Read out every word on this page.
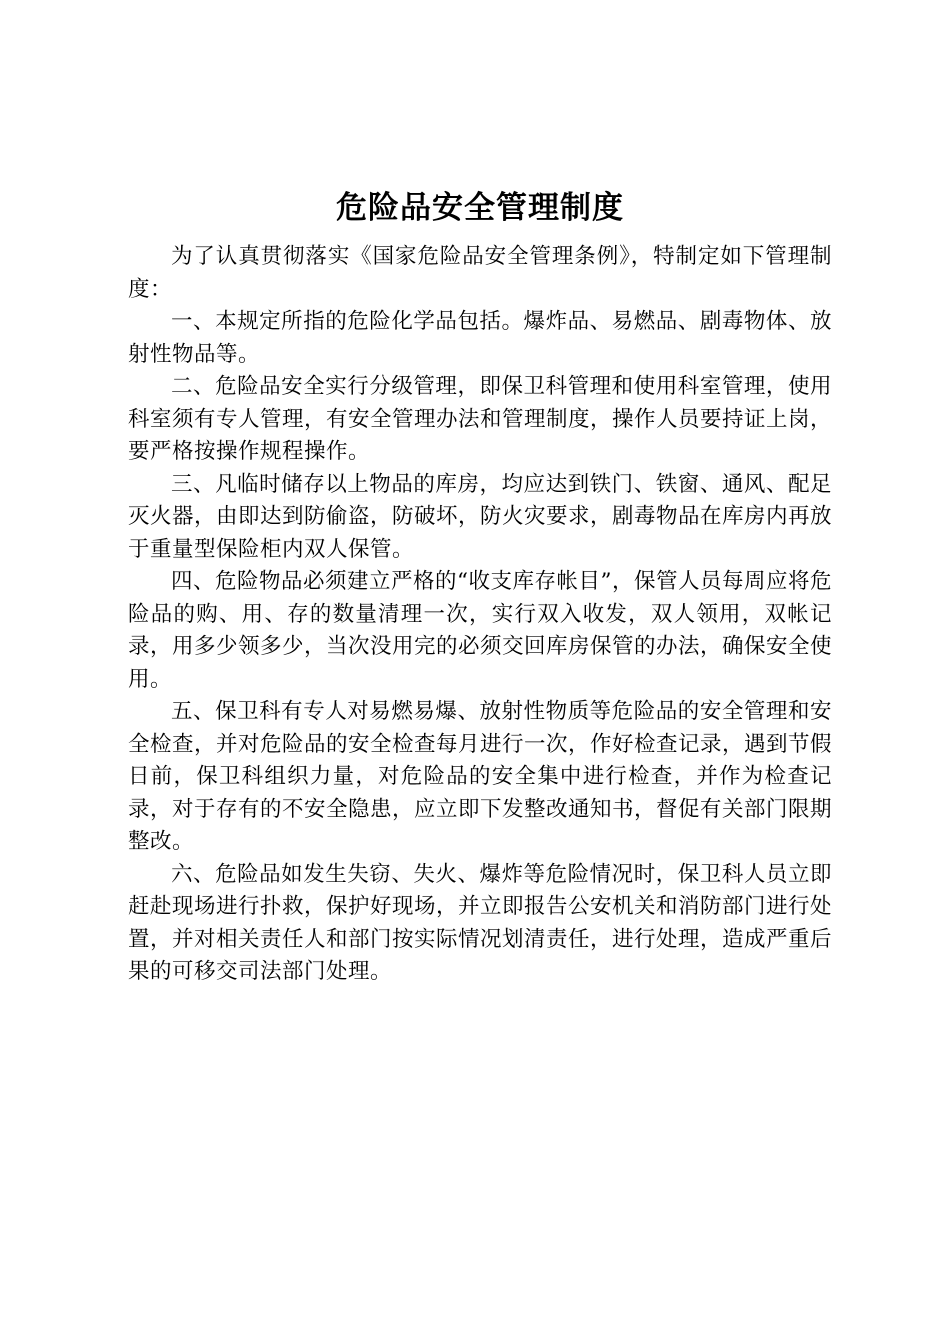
危险品安全管理制度

为了认真贯彻落实《国家危险品安全管理条例》，特制定如下管理制度：

一、本规定所指的危险化学品包括。爆炸品、易燃品、剧毒物体、放射性物品等。

二、危险品安全实行分级管理，即保卫科管理和使用科室管理，使用科室须有专人管理，有安全管理办法和管理制度，操作人员要持证上岗，要严格按操作规程操作。

三、凡临时储存以上物品的库房，均应达到铁门、铁窗、通风、配足灭火器，由即达到防偷盗，防破坏，防火灾要求，剧毒物品在库房内再放于重量型保险柜内双人保管。

四、危险物品必须建立严格的“收支库存帐目”，保管人员每周应将危险品的购、用、存的数量清理一次，实行双入收发，双人领用，双帐记录，用多少领多少，当次没用完的必须交回库房保管的办法，确保安全使用。

五、保卫科有专人对易燃易爆、放射性物质等危险品的安全管理和安全检查，并对危险品的安全检查每月进行一次，作好检查记录，遇到节假日前，保卫科组织力量，对危险品的安全集中进行检查，并作为检查记录，对于存有的不安全隐患，应立即下发整改通知书，督促有关部门限期整改。

六、危险品如发生失窃、失火、爆炸等危险情况时，保卫科人员立即赶赴现场进行扑救，保护好现场，并立即报告公安机关和消防部门进行处置，并对相关责任人和部门按实际情况划清责任，进行处理，造成严重后果的可移交司法部门处理。
